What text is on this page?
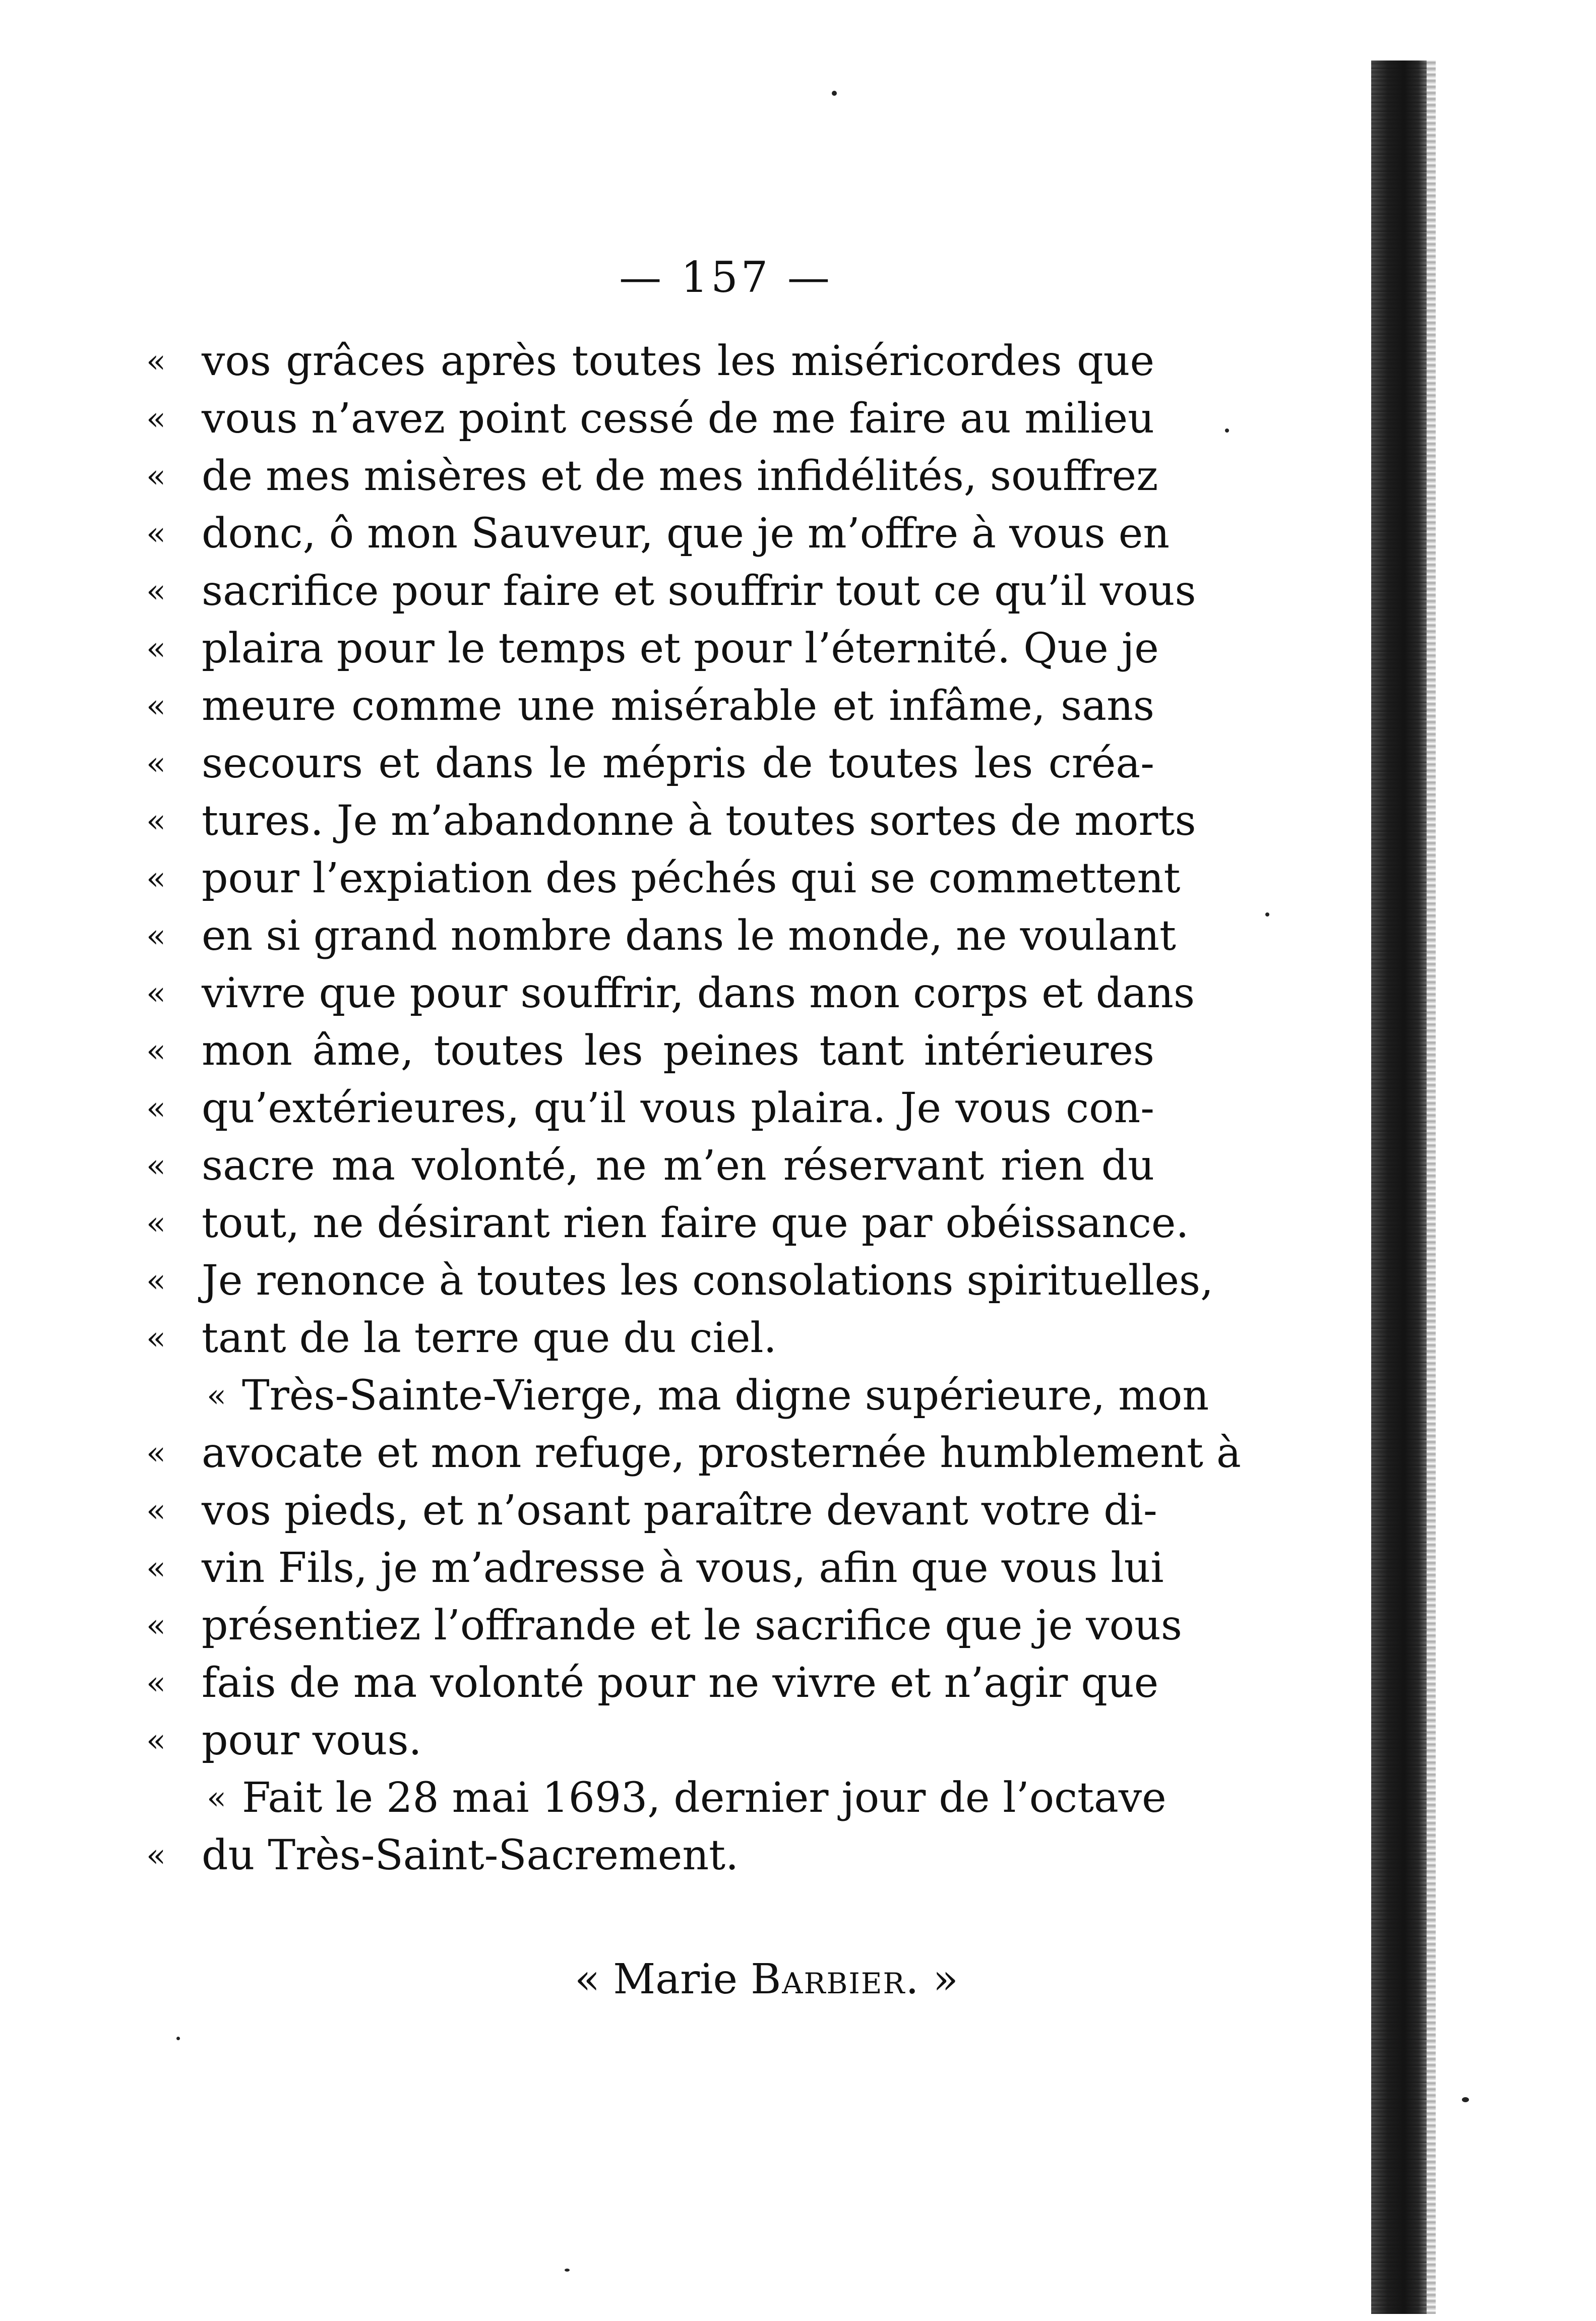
— 157 —
« vos grâces après toutes les miséricordes que
« vous n’avez point cessé de me faire au milieu
« de mes misères et de mes infidélités, souffrez
« donc, ô mon Sauveur, que je m’offre à vous en
« sacrifice pour faire et souffrir tout ce qu’il vous
« plaira pour le temps et pour l’éternité. Que je
« meure comme une misérable et infâme, sans
« secours et dans le mépris de toutes les créa-
« tures. Je m’abandonne à toutes sortes de morts
« pour l’expiation des péchés qui se commettent
« en si grand nombre dans le monde, ne voulant
« vivre que pour souffrir, dans mon corps et dans
« mon âme, toutes les peines tant intérieures
« qu’extérieures, qu’il vous plaira. Je vous con-
« sacre ma volonté, ne m’en réservant rien du
« tout, ne désirant rien faire que par obéissance.
« Je renonce à toutes les consolations spirituelles,
« tant de la terre que du ciel.
« Très-Sainte-Vierge, ma digne supérieure, mon
« avocate et mon refuge, prosternée humblement à
« vos pieds, et n’osant paraître devant votre di-
« vin Fils, je m’adresse à vous, afin que vous lui
« présentiez l’offrande et le sacrifice que je vous
« fais de ma volonté pour ne vivre et n’agir que
« pour vous.
« Fait le 28 mai 1693, dernier jour de l’octave
« du Très-Saint-Sacrement.
« Marie Barbier. »
